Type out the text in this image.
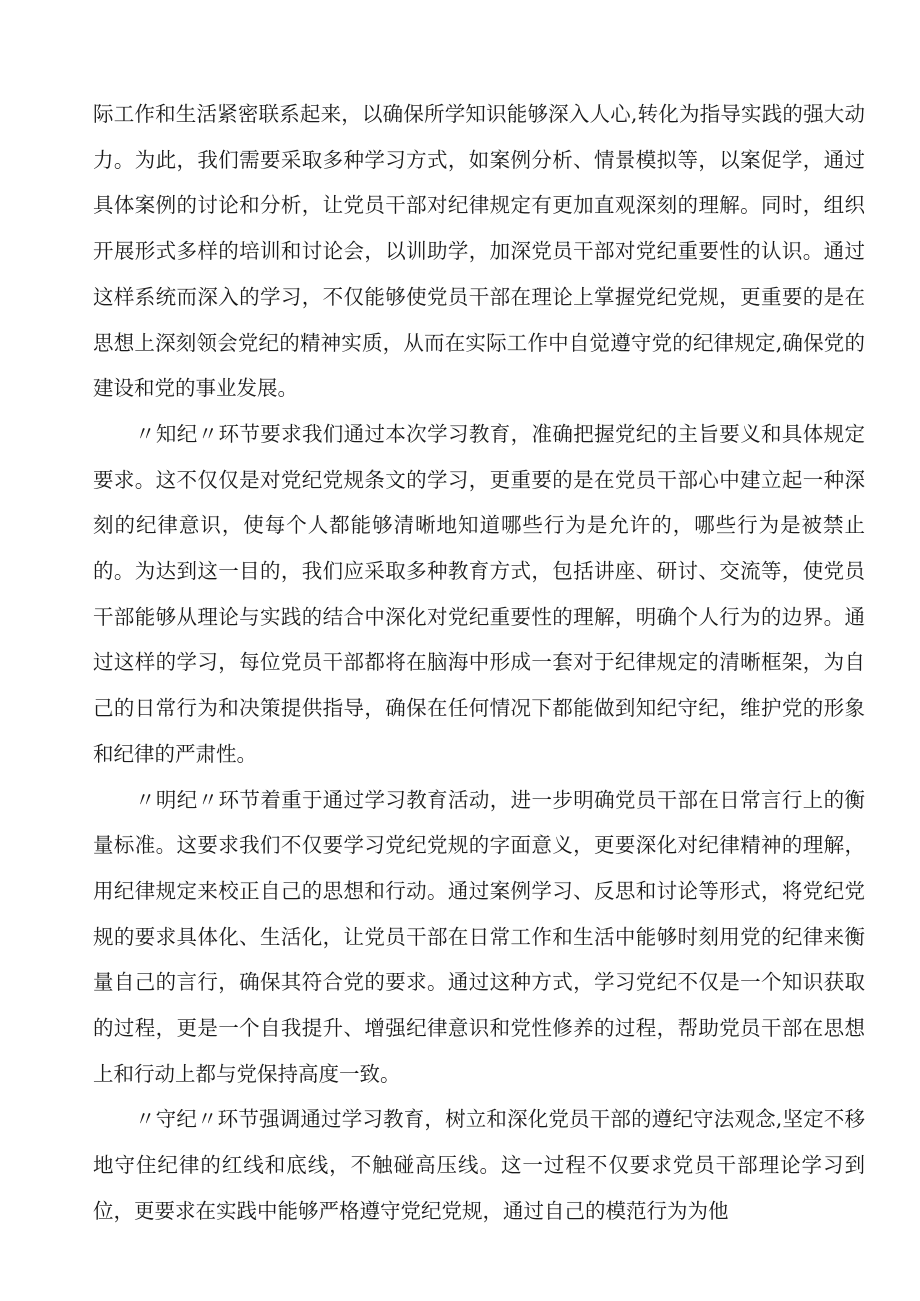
际工作和生活紧密联系起来，以确保所学知识能够深入人心,转化为指导实践的强大动力。为此，我们需要采取多种学习方式，如案例分析、情景模拟等，以案促学，通过具体案例的讨论和分析，让党员干部对纪律规定有更加直观深刻的理解。同时，组织开展形式多样的培训和讨论会，以训助学，加深党员干部对党纪重要性的认识。通过这样系统而深入的学习，不仅能够使党员干部在理论上掌握党纪党规，更重要的是在思想上深刻领会党纪的精神实质，从而在实际工作中自觉遵守党的纪律规定,确保党的建设和党的事业发展。

〃知纪〃环节要求我们通过本次学习教育，准确把握党纪的主旨要义和具体规定要求。这不仅仅是对党纪党规条文的学习，更重要的是在党员干部心中建立起一种深刻的纪律意识，使每个人都能够清晰地知道哪些行为是允许的，哪些行为是被禁止的。为达到这一目的，我们应采取多种教育方式，包括讲座、研讨、交流等，使党员干部能够从理论与实践的结合中深化对党纪重要性的理解，明确个人行为的边界。通过这样的学习，每位党员干部都将在脑海中形成一套对于纪律规定的清晰框架，为自己的日常行为和决策提供指导，确保在任何情况下都能做到知纪守纪，维护党的形象和纪律的严肃性。

〃明纪〃环节着重于通过学习教育活动，进一步明确党员干部在日常言行上的衡量标准。这要求我们不仅要学习党纪党规的字面意义，更要深化对纪律精神的理解，用纪律规定来校正自己的思想和行动。通过案例学习、反思和讨论等形式，将党纪党规的要求具体化、生活化，让党员干部在日常工作和生活中能够时刻用党的纪律来衡量自己的言行，确保其符合党的要求。通过这种方式，学习党纪不仅是一个知识获取的过程，更是一个自我提升、增强纪律意识和党性修养的过程，帮助党员干部在思想上和行动上都与党保持高度一致。

〃守纪〃环节强调通过学习教育，树立和深化党员干部的遵纪守法观念,坚定不移地守住纪律的红线和底线，不触碰高压线。这一过程不仅要求党员干部理论学习到位，更要求在实践中能够严格遵守党纪党规，通过自己的模范行为为他
